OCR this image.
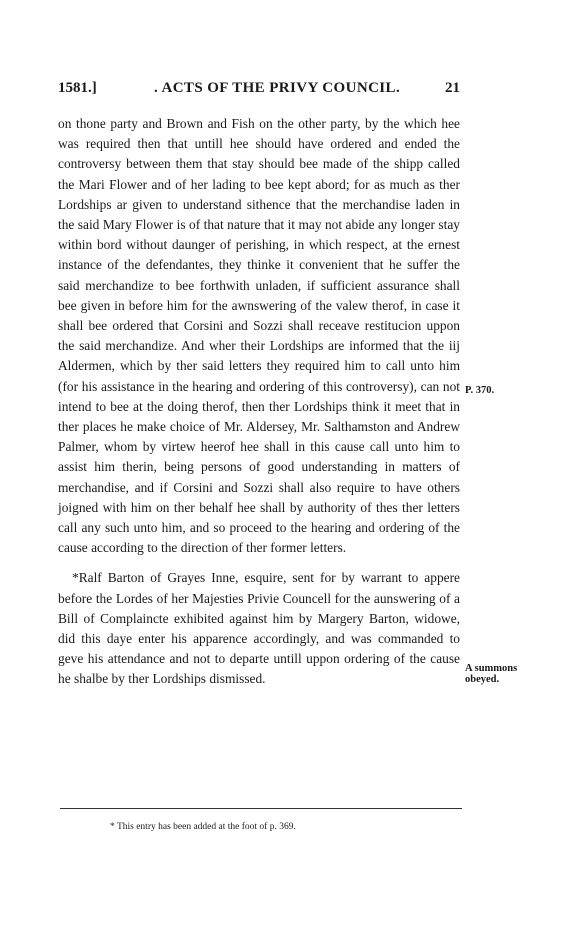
1581.]	. ACTS OF THE PRIVY COUNCIL.	21

on thone party and Brown and Fish on the other party, by the which hee was required then that untill hee should have ordered and ended the controversy between them that stay should bee made of the shipp called the Mari Flower and of her lading to bee kept abord; for as much as ther Lordships ar given to understand sithence that the merchandise laden in the said Mary Flower is of that nature that it may not abide any longer stay within bord without daunger of perishing, in which respect, at the ernest instance of the defendantes, they thinke it convenient that he suffer the said merchandize to bee forthwith unladen, if sufficient assurance shall bee given in before him for the awnswering of the valew therof, in case it shall bee ordered that Corsini and Sozzi shall receave restitucion uppon the said merchandize. And wher their Lordships are informed that the iij Aldermen, which by ther said letters they required him to call unto him (for his assistance in the hearing and ordering of this controversy), can not intend to bee at the doing therof, then ther Lordships think it meet that in ther places he make choice of Mr. Aldersey, Mr. Salthamston and Andrew Palmer, whom by virtew heerof hee shall in this cause call unto him to assist him therin, being persons of good understanding in matters of merchandise, and if Corsini and Sozzi shall also require to have others joigned with him on ther behalf hee shall by authority of thes ther letters call any such unto him, and so proceed to the hearing and ordering of the cause according to the direction of ther former letters.

*Ralf Barton of Grayes Inne, esquire, sent for by warrant to appere before the Lordes of her Majesties Privie Councell for the aunswering of a Bill of Complaincte exhibited against him by Margery Barton, widowe, did this daye enter his apparence accordingly, and was commanded to geve his attendance and not to departe untill uppon ordering of the cause he shalbe by ther Lordships dismissed.

P. 370.
A summons obeyed.
* This entry has been added at the foot of p. 369.
